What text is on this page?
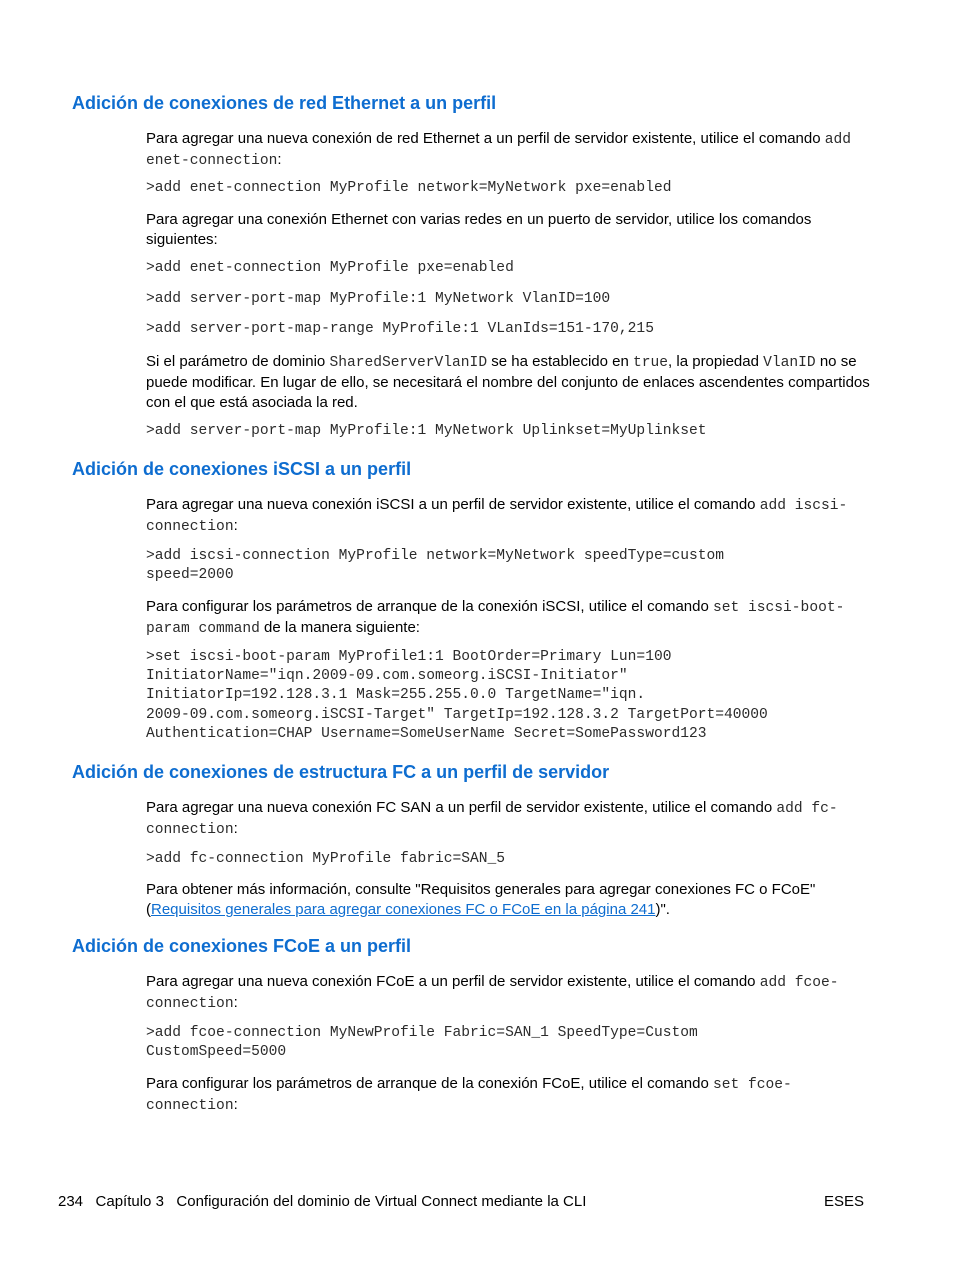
Adición de conexiones de red Ethernet a un perfil

Para agregar una nueva conexión de red Ethernet a un perfil de servidor existente, utilice el comando add enet-connection:

>add enet-connection MyProfile network=MyNetwork pxe=enabled

Para agregar una conexión Ethernet con varias redes en un puerto de servidor, utilice los comandos siguientes:

>add enet-connection MyProfile pxe=enabled
>add server-port-map MyProfile:1 MyNetwork VlanID=100
>add server-port-map-range MyProfile:1 VLanIds=151-170,215

Si el parámetro de dominio SharedServerVlanID se ha establecido en true, la propiedad VlanID no se puede modificar. En lugar de ello, se necesitará el nombre del conjunto de enlaces ascendentes compartidos con el que está asociada la red.

>add server-port-map MyProfile:1 MyNetwork Uplinkset=MyUplinkset
Adición de conexiones iSCSI a un perfil

Para agregar una nueva conexión iSCSI a un perfil de servidor existente, utilice el comando add iscsi-connection:

>add iscsi-connection MyProfile network=MyNetwork speedType=custom
speed=2000

Para configurar los parámetros de arranque de la conexión iSCSI, utilice el comando set iscsi-boot-param command de la manera siguiente:

>set iscsi-boot-param MyProfile1:1 BootOrder=Primary Lun=100
InitiatorName="iqn.2009-09.com.someorg.iSCSI-Initiator"
InitiatorIp=192.128.3.1 Mask=255.255.0.0 TargetName="iqn.
2009-09.com.someorg.iSCSI-Target" TargetIp=192.128.3.2 TargetPort=40000
Authentication=CHAP Username=SomeUserName Secret=SomePassword123
Adición de conexiones de estructura FC a un perfil de servidor

Para agregar una nueva conexión FC SAN a un perfil de servidor existente, utilice el comando add fc-connection:

>add fc-connection MyProfile fabric=SAN_5

Para obtener más información, consulte "Requisitos generales para agregar conexiones FC o FCoE" (Requisitos generales para agregar conexiones FC o FCoE en la página 241)".

Adición de conexiones FCoE a un perfil

Para agregar una nueva conexión FCoE a un perfil de servidor existente, utilice el comando add fcoe-connection:

>add fcoe-connection MyNewProfile Fabric=SAN_1 SpeedType=Custom
CustomSpeed=5000

Para configurar los parámetros de arranque de la conexión FCoE, utilice el comando set fcoe-connection:

234   Capítulo 3   Configuración del dominio de Virtual Connect mediante la CLI	ESES
